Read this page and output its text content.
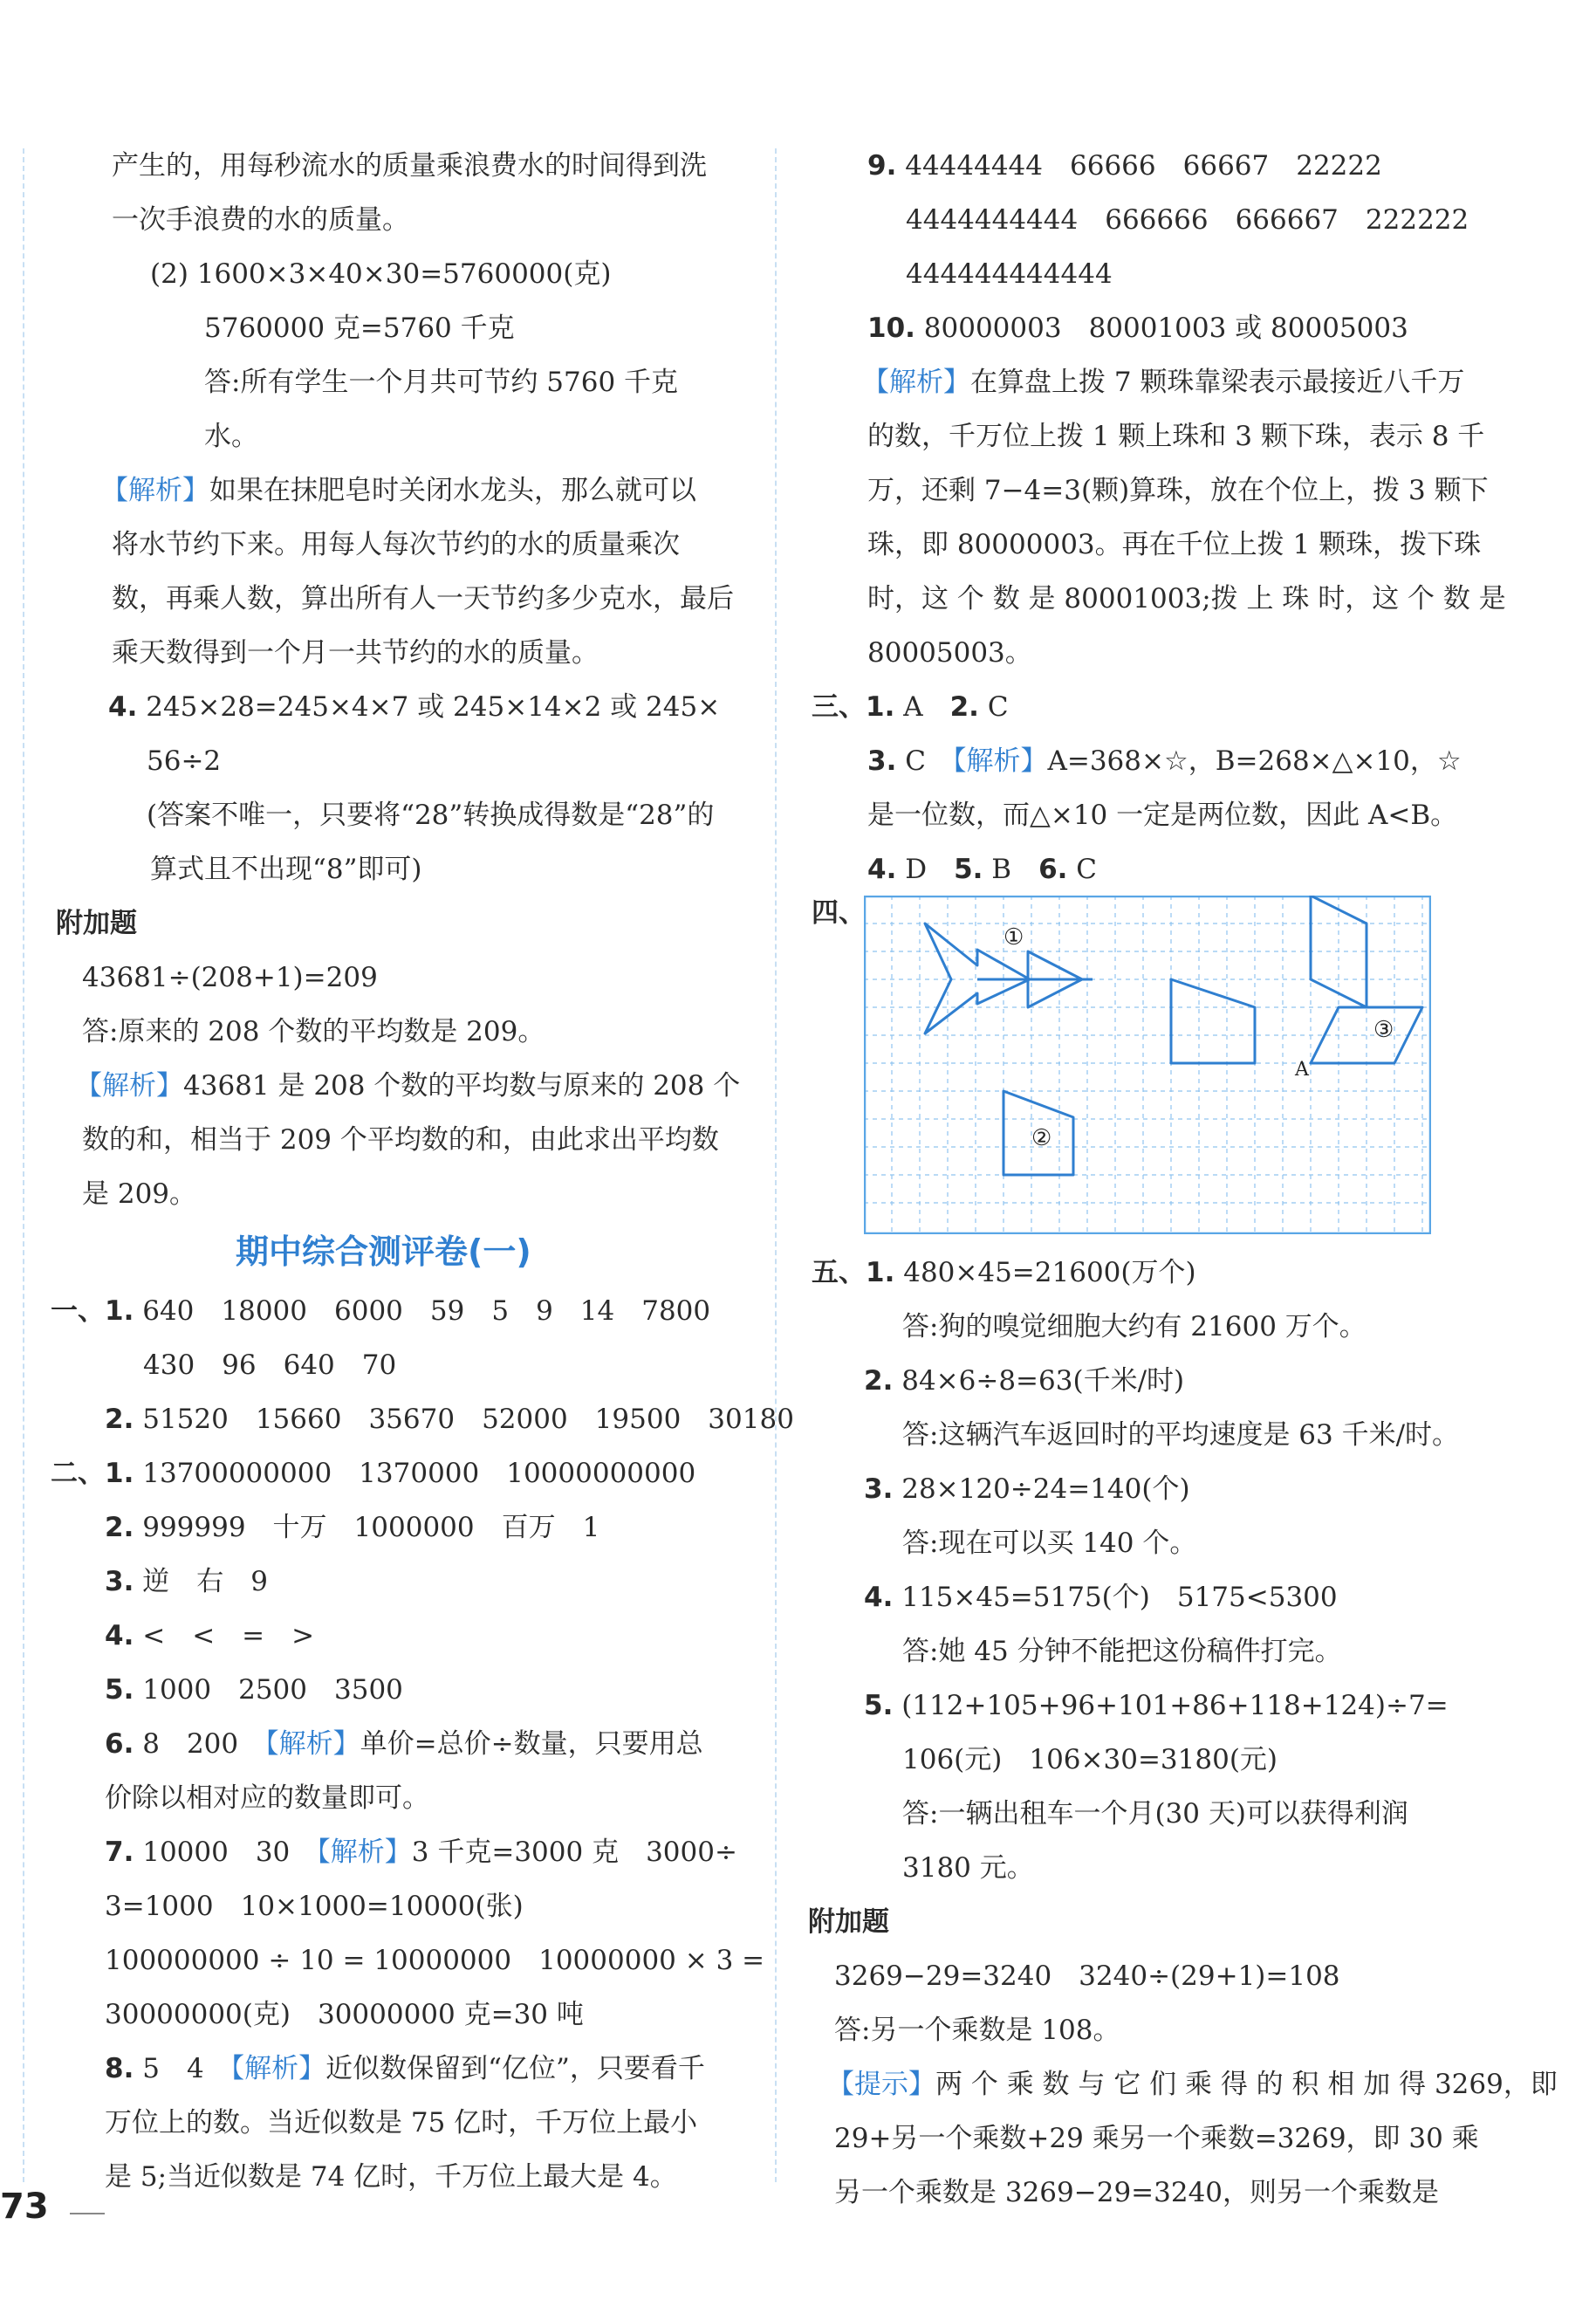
产生的，用每秒流水的质量乘浪费水的时间得到洗
一次手浪费的水的质量。
(2) 1600×3×40×30=5760000(克)
5760000 克=5760 千克
答:所有学生一个月共可节约 5760 千克
水。
【解析】如果在抹肥皂时关闭水龙头，那么就可以
将水节约下来。用每人每次节约的水的质量乘次
数，再乘人数，算出所有人一天节约多少克水，最后
乘天数得到一个月一共节约的水的质量。
4. 245×28=245×4×7 或 245×14×2 或 245×
56÷2
(答案不唯一，只要将“28”转换成得数是“28”的
算式且不出现“8”即可)
附加题
43681÷(208+1)=209
答:原来的 208 个数的平均数是 209。
【解析】43681 是 208 个数的平均数与原来的 208 个
数的和，相当于 209 个平均数的和，由此求出平均数
是 209。
期中综合测评卷(一)
一、1. 640　18000　6000　59　5　9　14　7800
430　96　640　70
2. 51520　15660　35670　52000　19500　30180
二、1. 13700000000　1370000　10000000000
2. 999999　十万　1000000　百万　1
3. 逆　右　9
4. <　<　=　>
5. 1000　2500　3500
6. 8　200　 【解析】单价=总价÷数量，只要用总
价除以相对应的数量即可。
7. 10000　30　 【解析】3 千克=3000 克　3000÷
3=1000　10×1000=10000(张)
100000000 ÷ 10 = 10000000　10000000 × 3 =
30000000(克)　30000000 克=30 吨
8. 5　4　 【解析】近似数保留到“亿位”，只要看千
万位上的数。当近似数是 75 亿时，千万位上最小
是 5;当近似数是 74 亿时，千万位上最大是 4。
9. 44444444　66666　66667　22222
4444444444　666666　666667　222222
444444444444
10. 80000003　80001003 或 80005003
【解析】在算盘上拨 7 颗珠靠梁表示最接近八千万
的数，千万位上拨 1 颗上珠和 3 颗下珠，表示 8 千
万，还剩 7−4=3(颗)算珠，放在个位上，拨 3 颗下
珠，即 80000003。再在千位上拨 1 颗珠，拨下珠
时，这 个 数 是 80001003;拨 上 珠 时，这 个 数 是
80005003。
三、1. A　 2. C
3. C　 【解析】A=368×☆，B=268×△×10，☆
是一位数，而△×10 一定是两位数，因此 A<B。
4. D　 5. B　 6. C
四、
①
②
③
A
五、1. 480×45=21600(万个)
答:狗的嗅觉细胞大约有 21600 万个。
2. 84×6÷8=63(千米/时)
答:这辆汽车返回时的平均速度是 63 千米/时。
3. 28×120÷24=140(个)
答:现在可以买 140 个。
4. 115×45=5175(个)　5175<5300
答:她 45 分钟不能把这份稿件打完。
5. (112+105+96+101+86+118+124)÷7=
106(元)　106×30=3180(元)
答:一辆出租车一个月(30 天)可以获得利润
3180 元。
附加题
3269−29=3240　3240÷(29+1)=108
答:另一个乘数是 108。
【提示】两 个 乘 数 与 它 们 乘 得 的 积 相 加 得 3269，即
29+另一个乘数+29 乘另一个乘数=3269，即 30 乘
另一个乘数是 3269−29=3240，则另一个乘数是
73
